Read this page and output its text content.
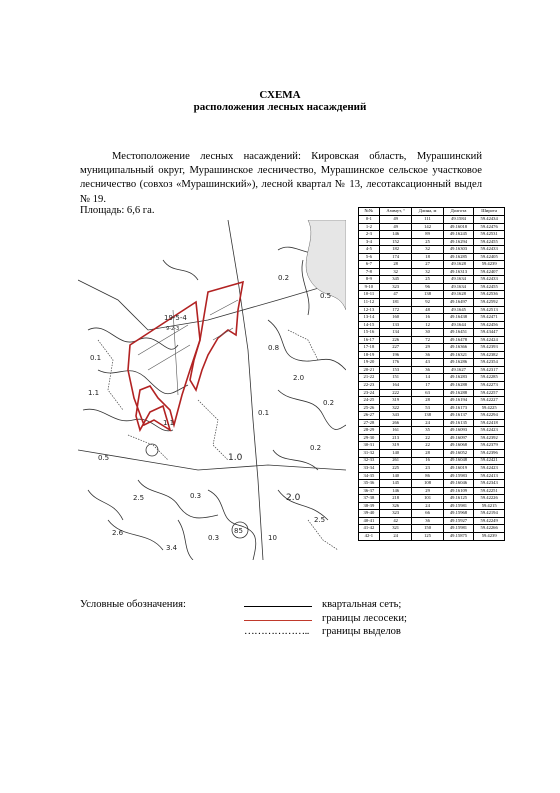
СХЕМА
расположения лесных насаждений

Местоположение лесных насаждений: Кировская область, Мурашинский муниципальный округ, Мурашинское лесничество, Мурашинское сельское участковое лесничество (совхоз «Мурашинский»), лесной квартал № 13, лесотаксационный выдел № 19.

Площадь: 6,6 га.
19-5-4
9-2-3
0.1
1.0
2.0
2.5
0.5
0.3
2.6
3.4
0.1
85
0.2
1.1
0.5
2.5
0.2
2.0
0.3	10
1.1
0.8
0.2
№№	Азимут, °	Длина, м	Долгота	Широта
0-1	49	111	49.1584	59.42434
1-2	49	142	49.16018	59.42476
2-3	146	89	49.16245	59.42531
3-4	152	25	49.16294	59.42455
4-5	182	32	49.16303	59.42433
5-6	174	18	49.16285	59.42405
6-7	28	27	49.1628	59.4239
7-8	32	32	49.16313	59.42407
8-9	345	25	49.1634	59.42433
9-10	323	96	49.1634	59.42455
10-11	47	138	49.1628	59.42536
11-12	181	92	49.16497	59.42592
12-13	172	48	49.1645	59.42513
13-14	160	16	49.16438	59.42471
14-15	133	12	49.1644	59.42456
15-16	134	30	49.16451	59.43447
16-17	226	72	49.16478	59.42424
17-18	227	29	49.16366	59.42393
18-19	196	36	49.16321	59.42382
19-20	176	43	49.16286	59.42354
20-21	153	36	49.1627	59.42317
21-22	151	14	49.16283	59.42285
22-23	164	17	49.16288	59.42273
23-24	222	63	49.16288	59.42257
24-25	319	28	49.16194	59.42227
25-26	322	53	49.16173	59.4225
26-27	343	138	49.16137	59.42294
27-28	266	24	49.16135	59.42418
28-29	161	35	49.16093	59.42423
29-30	213	22	49.16097	59.42392
30-31	319	22	49.16068	59.42379
31-32	140	28	49.16052	59.42396
32-33	261	16	49.16048	59.42421
33-34	225	23	49.16019	59.42423
34-35	140	86	49.15983	59.42413
35-36	145	108	49.16046	59.42343
36-37	146	29	49.16109	59.42251
37-38	218	101	49.16125	59.42226
38-39	326	24	49.15981	59.4215
39-40	323	66	49.15968	59.42194
40-41	42	36	49.15927	59.42249
41-42	321	150	49.15981	59.42266
42-1	24	125	49.15875	59.4239
Условные обозначения:
………………..
квартальная сеть;
границы лесосеки;
границы выделов
